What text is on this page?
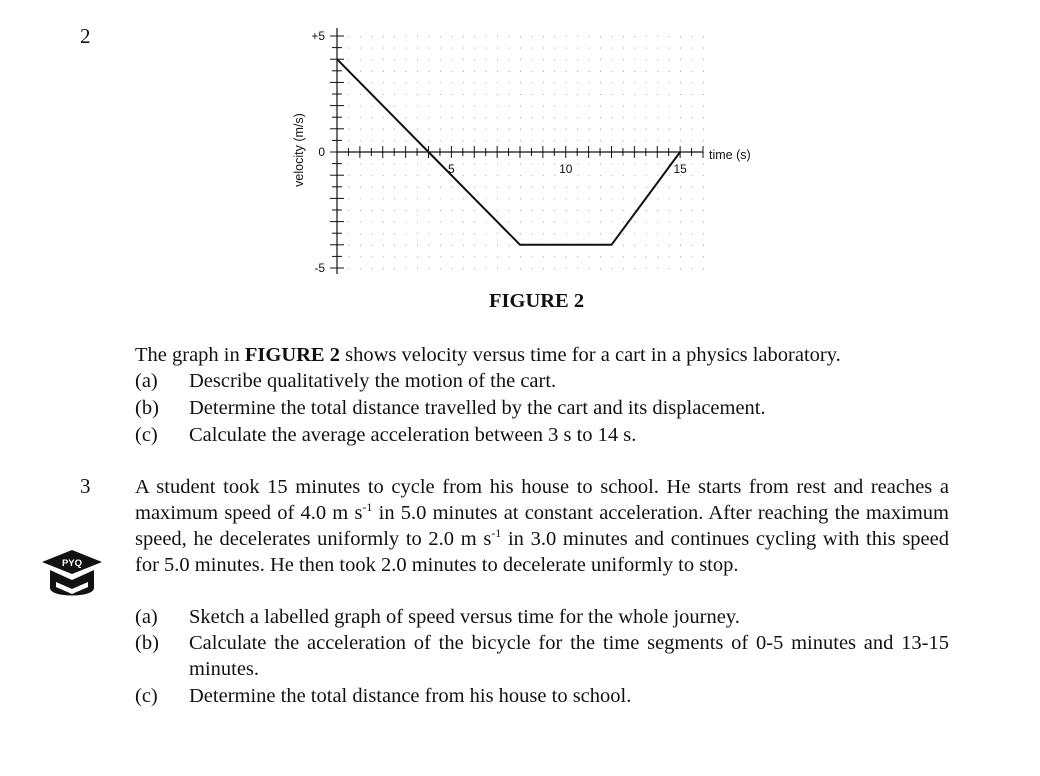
2	+5
0
-5
5	10	15
time (s)
velocity (m/s)
FIGURE 2
The graph in FIGURE 2 shows velocity versus time for a cart in a physics laboratory.
(a) Describe qualitatively the motion of the cart.
(b) Determine the total distance travelled by the cart and its displacement.
(c) Calculate the average acceleration between 3 s to 14 s.
3 A student took 15 minutes to cycle from his house to school. He starts from rest and reaches a maximum speed of 4.0 m $s^{-1}$ in 5.0 minutes at constant acceleration. After reaching the maximum speed, he decelerates uniformly to 2.0 m $s^{-1}$ in 3.0 minutes and continues cycling with this speed for 5.0 minutes. He then took 2.0 minutes to decelerate uniformly to stop.
(a) Sketch a labelled graph of speed versus time for the whole journey.
(b) Calculate the acceleration of the bicycle for the time segments of 0-5 minutes and 13-15 minutes.
(c) Determine the total distance from his house to school.
PYQ
